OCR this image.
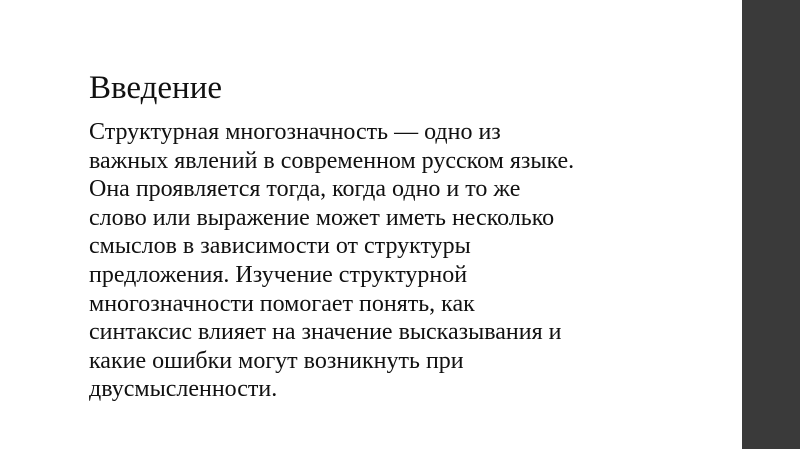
Введение
Структурная многозначность — одно из
важных явлений в современном русском языке.
Она проявляется тогда, когда одно и то же
слово или выражение может иметь несколько
смыслов в зависимости от структуры
предложения. Изучение структурной
многозначности помогает понять, как
синтаксис влияет на значение высказывания и
какие ошибки могут возникнуть при
двусмысленности.
